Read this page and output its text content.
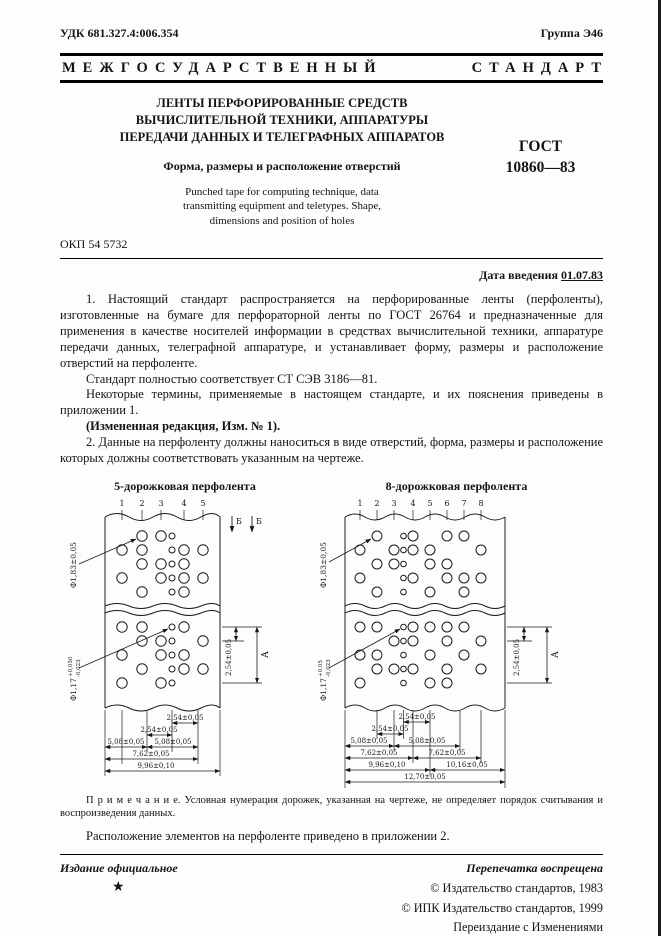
УДК 681.327.4:006.354	Группа Э46
МЕЖГОСУДАРСТВЕННЫЙ	СТАНДАРТ
ЛЕНТЫ ПЕРФОРИРОВАННЫЕ СРЕДСТВ
ВЫЧИСЛИТЕЛЬНОЙ ТЕХНИКИ, АППАРАТУРЫ
ПЕРЕДАЧИ ДАННЫХ И ТЕЛЕГРАФНЫХ АППАРАТОВ
Форма, размеры и расположение отверстий
Punched tape for computing technique, data
transmitting equipment and teletypes. Shape,
dimensions and position of holes
ГОСТ
10860—83
ОКП 54 5732
Дата введения 01.07.83

1. Настоящий стандарт распространяется на перфорированные ленты (перфоленты), изготовленные на бумаге для перфораторной ленты по ГОСТ 26764 и предназначенные для применения в качестве носителей информации в средствах вычислительной техники, аппаратуре передачи данных, телеграфной аппаратуре, и устанавливает форму, размеры и расположение отверстий на перфоленте.

Стандарт полностью соответствует СТ СЭВ 3186—81.

Некоторые термины, применяемые в настоящем стандарте, и их пояснения приведены в приложении 1.

(Измененная редакция, Изм. № 1).

2. Данные на перфоленту должны наноситься в виде отверстий, форма, размеры и расположение которых должны соответствовать указанным на чертеже.

5-дорожковая перфолента
1 2 3 4 5
Ф1,83±0,05
Ф1,17
+0,050 -0,023
Б Б
2,54±0,05	А
2,54±0,05
2,54±0,05
5,08±0,05 5,08±0,05
7,62±0,05
9,96±0,10
8-дорожковая перфолента
1 2 3 4 5 6 7 8
Ф1,83±0,05
Ф1,17
+0,05 -0,023	2,54±0,05	А
2,54±0,05
2,54±0,05
5,08±0,05	5,08±0,05
7,62±0,05	7,62±0,05
9,96±0,10	10,16±0,05
12,70±0,05
П р и м е ч а н и е. Условная нумерация дорожек, указанная на чертеже, не определяет порядок считывания и воспроизведения данных.

Расположение элементов на перфоленте приведено в приложении 2.

Издание официальное	Перепечатка воспрещена
★	© Издательство стандартов, 1983
© ИПК Издательство стандартов, 1999
Переиздание с Изменениями
